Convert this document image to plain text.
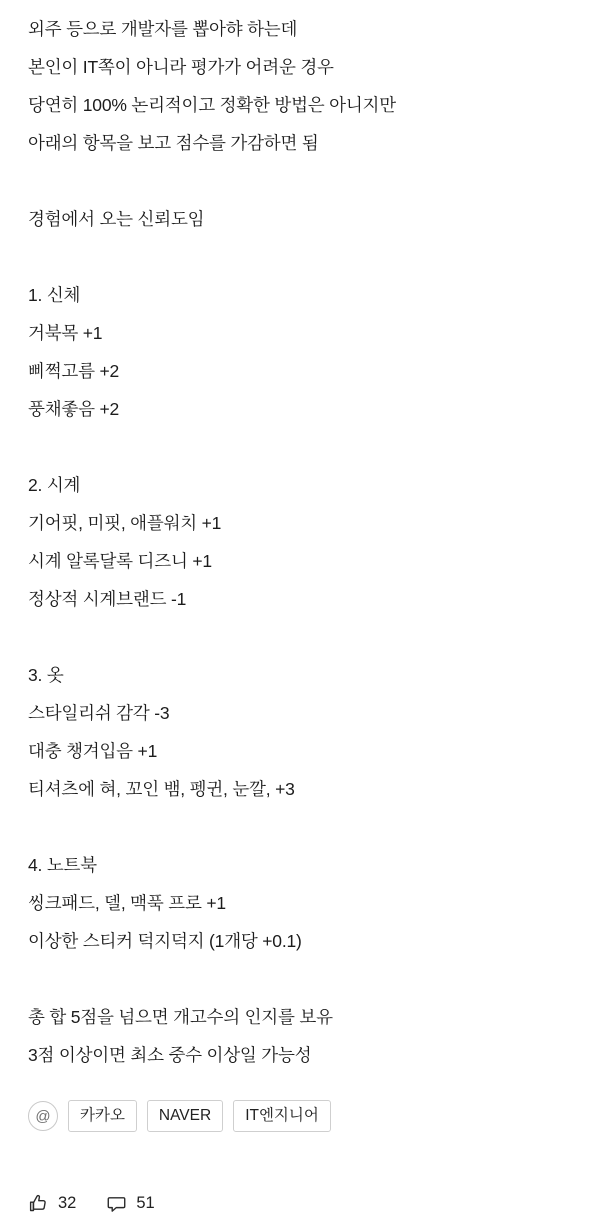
외주 등으로 개발자를 뽑아햐 하는데
본인이 IT쪽이 아니라 평가가 어려운 경우
당연히 100% 논리적이고 정확한 방법은 아니지만
아래의 항목을 보고 점수를 가감하면 됨
경험에서 오는 신뢰도임
1. 신체
거북목 +1
삐쩍고름 +2
풍채좋음 +2
2. 시계
기어핏, 미핏, 애플워치 +1
시계 알록달록 디즈니 +1
정상적 시계브랜드 -1
3. 옷
스타일리쉬 감각 -3
대충 챙겨입음 +1
티셔츠에 혀, 꼬인 뱀, 펭귄, 눈깔, +3
4. 노트북
씽크패드, 델, 맥푹 프로 +1
이상한 스티커 덕지덕지 (1개당 +0.1)
총 합 5점을 넘으면 개고수의 인지를 보유
3점 이상이면 최소 중수 이상일 가능성
@	카카오	NAVER	IT엔지니어
32	51
